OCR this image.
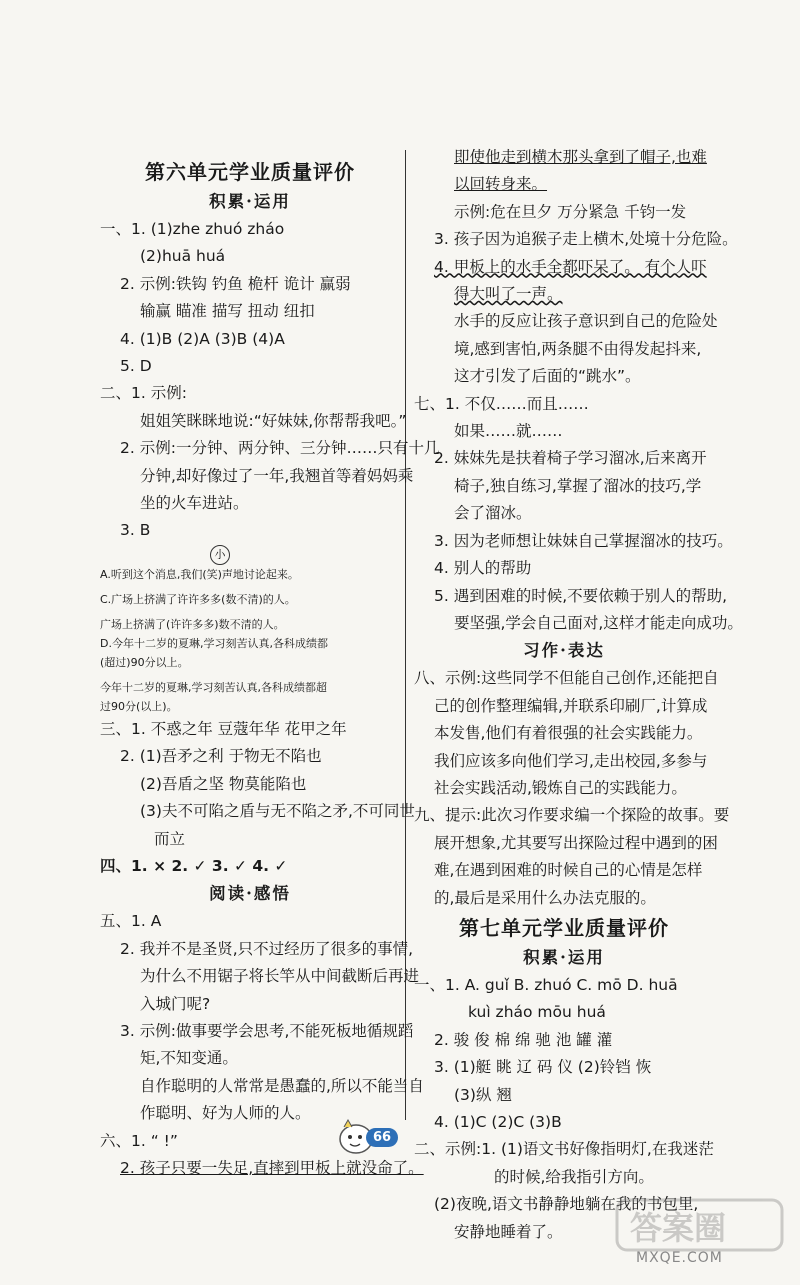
第六单元学业质量评价
积累·运用
一、1. (1)zhe zhuó zháo
(2)huā huá
2. 示例:铁钩 钓鱼 桅杆 诡计 赢弱
输赢 瞄准 描写 扭动 纽扣
4. (1)B (2)A (3)B (4)A
5. D
二、1. 示例:
姐姐笑眯眯地说:“好妹妹,你帮帮我吧。”
2. 示例:一分钟、两分钟、三分钟……只有十几
分钟,却好像过了一年,我翘首等着妈妈乘
坐的火车进站。
3. B
小
A.听到这个消息,我们(笑)声地讨论起来。
C.广场上挤满了许许多多(数不清)的人。
广场上挤满了(许许多多)数不清的人。
D.今年十二岁的夏琳,学习刻苦认真,各科成绩都
(超过)90分以上。
今年十二岁的夏琳,学习刻苦认真,各科成绩都超
过90分(以上)。
三、1. 不惑之年 豆蔻年华 花甲之年
2. (1)吾矛之利 于物无不陷也
(2)吾盾之坚 物莫能陷也
(3)夫不可陷之盾与无不陷之矛,不可同世
而立
四、1. × 2. ✓ 3. ✓ 4. ✓
阅读·感悟
五、1. A
2. 我并不是圣贤,只不过经历了很多的事情,
为什么不用锯子将长竿从中间截断后再进
入城门呢?
3. 示例:做事要学会思考,不能死板地循规蹈
矩,不知变通。
自作聪明的人常常是愚蠢的,所以不能当自
作聪明、好为人师的人。
六、1. “ !”
2. 孩子只要一失足,直摔到甲板上就没命了。
即使他走到横木那头拿到了帽子,也难
以回转身来。
示例:危在旦夕 万分紧急 千钧一发
3. 孩子因为追猴子走上横木,处境十分危险。
4. 甲板上的水手全都吓呆了。 有个人吓
得大叫了一声。
水手的反应让孩子意识到自己的危险处
境,感到害怕,两条腿不由得发起抖来,
这才引发了后面的“跳水”。
七、1. 不仅……而且……
如果……就……
2. 妹妹先是扶着椅子学习溜冰,后来离开
椅子,独自练习,掌握了溜冰的技巧,学
会了溜冰。
3. 因为老师想让妹妹自己掌握溜冰的技巧。
4. 别人的帮助
5. 遇到困难的时候,不要依赖于别人的帮助,
要坚强,学会自己面对,这样才能走向成功。
习作·表达
八、示例:这些同学不但能自己创作,还能把自
己的创作整理编辑,并联系印刷厂,计算成
本发售,他们有着很强的社会实践能力。
我们应该多向他们学习,走出校园,多参与
社会实践活动,锻炼自己的实践能力。
九、提示:此次习作要求编一个探险的故事。要
展开想象,尤其要写出探险过程中遇到的困
难,在遇到困难的时候自己的心情是怎样
的,最后是采用什么办法克服的。
第七单元学业质量评价
积累·运用
一、1. A. guǐ B. zhuó C. mō D. huā
kuì zháo mōu huá
2. 骏 俊 棉 绵 驰 池 罐 灌
3. (1)艇 眺 辽 码 仪 (2)铃铛 恢
(3)纵 翘
4. (1)C (2)C (3)B
二、示例:1. (1)语文书好像指明灯,在我迷茫
的时候,给我指引方向。
(2)夜晚,语文书静静地躺在我的书包里,
安静地睡着了。
66
答案圈
MXQE.COM
